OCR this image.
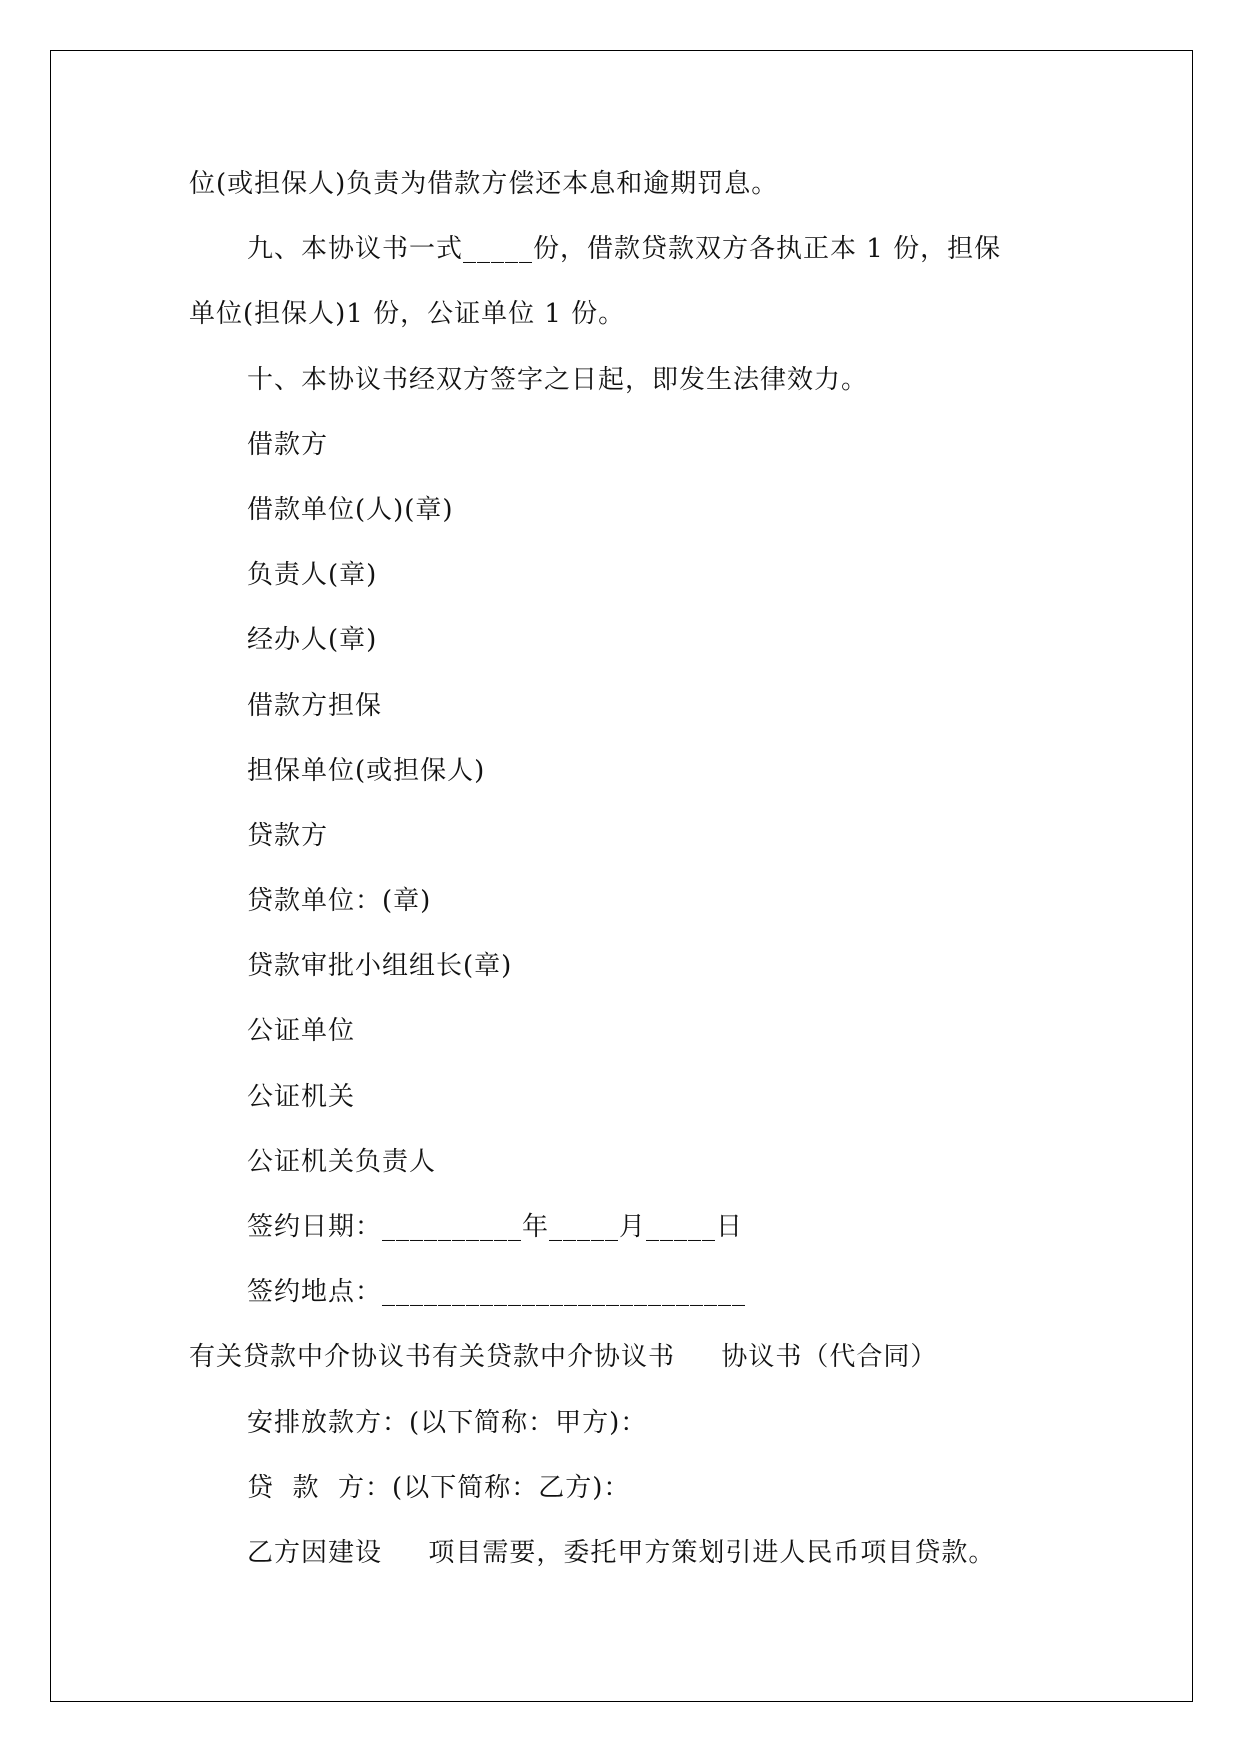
位(或担保人)负责为借款方偿还本息和逾期罚息。
九、本协议书一式_____份，借款贷款双方各执正本 1 份，担保
单位(担保人)1 份，公证单位 1 份。
十、本协议书经双方签字之日起，即发生法律效力。
借款方
借款单位(人)(章)
负责人(章)
经办人(章)
借款方担保
担保单位(或担保人)
贷款方
贷款单位：(章)
贷款审批小组组长(章)
公证单位
公证机关
公证机关负责人
签约日期：__________年_____月_____日
签约地点：__________________________
有关贷款中介协议书有关贷款中介协议书     协议书（代合同）
安排放款方：(以下简称：甲方)：
贷  款  方：(以下简称：乙方)：
乙方因建设     项目需要，委托甲方策划引进人民币项目贷款。
